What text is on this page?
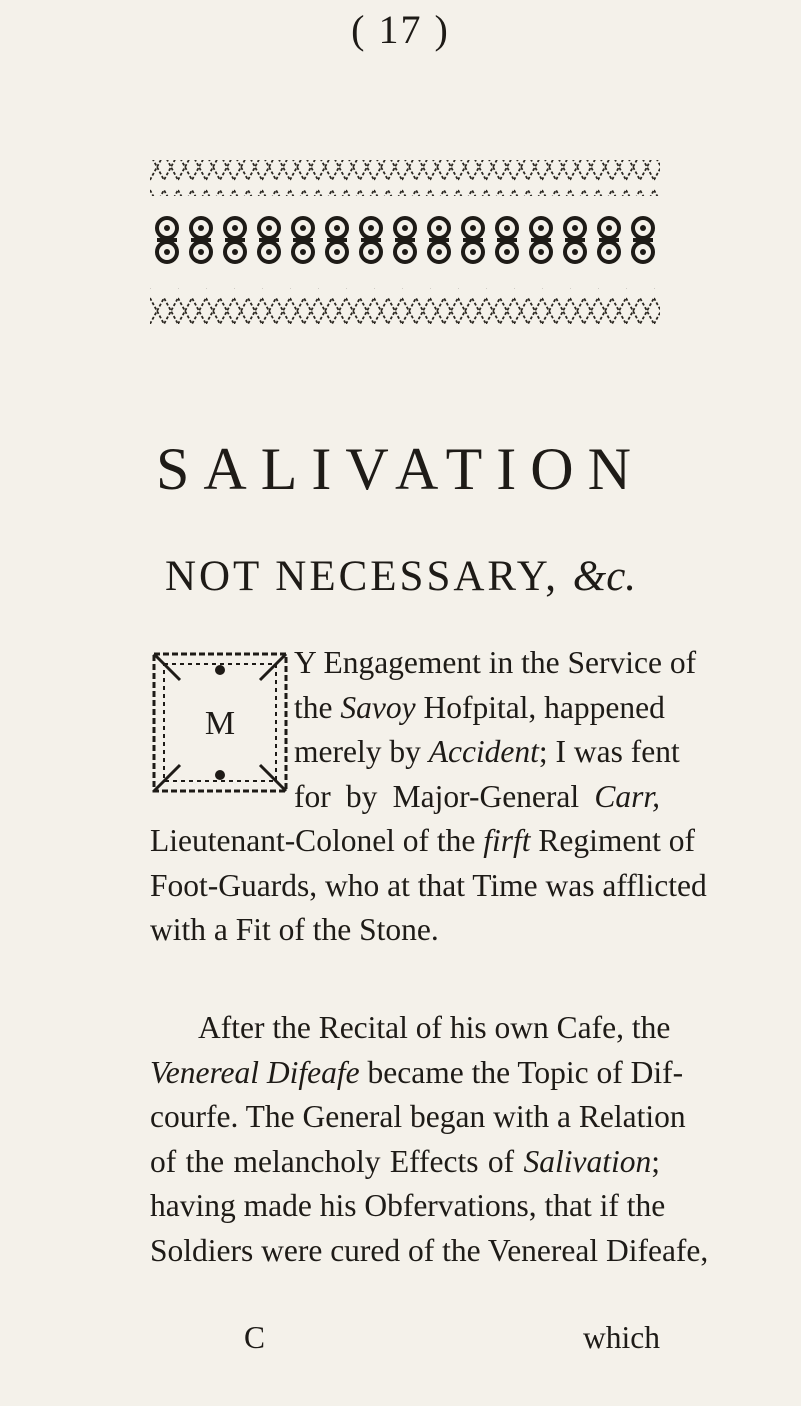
( 17 )
SALIVATION
NOT NECESSARY, &c.
M
Y Engagement in the Service of
the Savoy Hofpital, happened
merely by Accident; I was fent
for by Major-General Carr,
Lieutenant-Colonel of the firft Regiment of
Foot-Guards, who at that Time was afflicted
with a Fit of the Stone.
After the Recital of his own Cafe, the
Venereal Difeafe became the Topic of Dif-
courfe. The General began with a Relation
of the melancholy Effects of Salivation;
having made his Obfervations, that if the
Soldiers were cured of the Venereal Difeafe,
C	which
